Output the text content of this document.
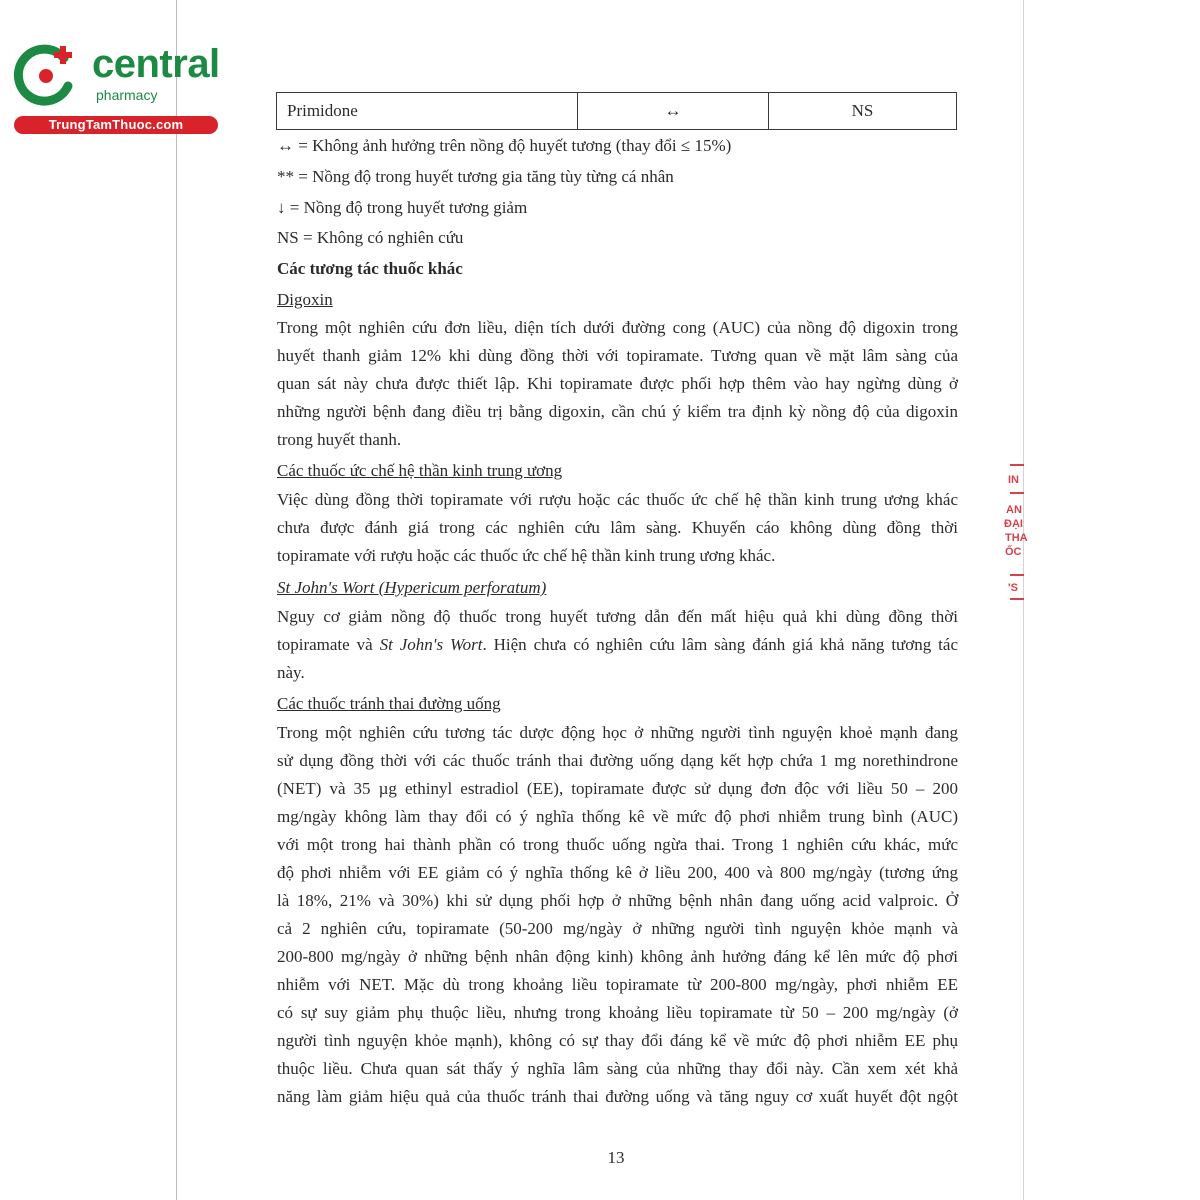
central
pharmacy
TrungTamThuoc.com
Primidone	↔	NS
↔ = Không ảnh hưởng trên nồng độ huyết tương (thay đổi ≤ 15%)
** = Nồng độ trong huyết tương gia tăng tùy từng cá nhân
↓ = Nồng độ trong huyết tương giảm
NS = Không có nghiên cứu
Các tương tác thuốc khác
Digoxin
Trong một nghiên cứu đơn liều, diện tích dưới đường cong (AUC) của nồng độ digoxin trong
huyết thanh giảm 12% khi dùng đồng thời với topiramate. Tương quan về mặt lâm sàng của
quan sát này chưa được thiết lập. Khi topiramate được phối hợp thêm vào hay ngừng dùng ở
những người bệnh đang điều trị bằng digoxin, cần chú ý kiểm tra định kỳ nồng độ của digoxin
trong huyết thanh.
Các thuốc ức chế hệ thần kinh trung ương
Việc dùng đồng thời topiramate với rượu hoặc các thuốc ức chế hệ thần kinh trung ương khác
chưa được đánh giá trong các nghiên cứu lâm sàng. Khuyến cáo không dùng đồng thời
topiramate với rượu hoặc các thuốc ức chế hệ thần kinh trung ương khác.
St John's Wort (Hypericum perforatum)
Nguy cơ giảm nồng độ thuốc trong huyết tương dẫn đến mất hiệu quả khi dùng đồng thời
topiramate và St John's Wort. Hiện chưa có nghiên cứu lâm sàng đánh giá khả năng tương tác
này.
Các thuốc tránh thai đường uống
Trong một nghiên cứu tương tác dược động học ở những người tình nguyện khoẻ mạnh đang
sử dụng đồng thời với các thuốc tránh thai đường uống dạng kết hợp chứa 1 mg norethindrone
(NET) và 35 µg ethinyl estradiol (EE), topiramate được sử dụng đơn độc với liều 50 – 200
mg/ngày không làm thay đổi có ý nghĩa thống kê về mức độ phơi nhiễm trung bình (AUC)
với một trong hai thành phần có trong thuốc uống ngừa thai. Trong 1 nghiên cứu khác, mức
độ phơi nhiễm với EE giảm có ý nghĩa thống kê ở liều 200, 400 và 800 mg/ngày (tương ứng
là 18%, 21% và 30%) khi sử dụng phối hợp ở những bệnh nhân đang uống acid valproic. Ở
cả 2 nghiên cứu, topiramate (50-200 mg/ngày ở những người tình nguyện khỏe mạnh và
200-800 mg/ngày ở những bệnh nhân động kinh) không ảnh hưởng đáng kể lên mức độ phơi
nhiễm với NET. Mặc dù trong khoảng liều topiramate từ 200-800 mg/ngày, phơi nhiễm EE
có sự suy giảm phụ thuộc liều, nhưng trong khoảng liều topiramate từ 50 – 200 mg/ngày (ở
người tình nguyện khỏe mạnh), không có sự thay đổi đáng kể về mức độ phơi nhiễm EE phụ
thuộc liều. Chưa quan sát thấy ý nghĩa lâm sàng của những thay đổi này. Cần xem xét khả
năng làm giảm hiệu quả của thuốc tránh thai đường uống và tăng nguy cơ xuất huyết đột ngột
13
IN
AN
ĐẠI
THA
ỐC
'S
